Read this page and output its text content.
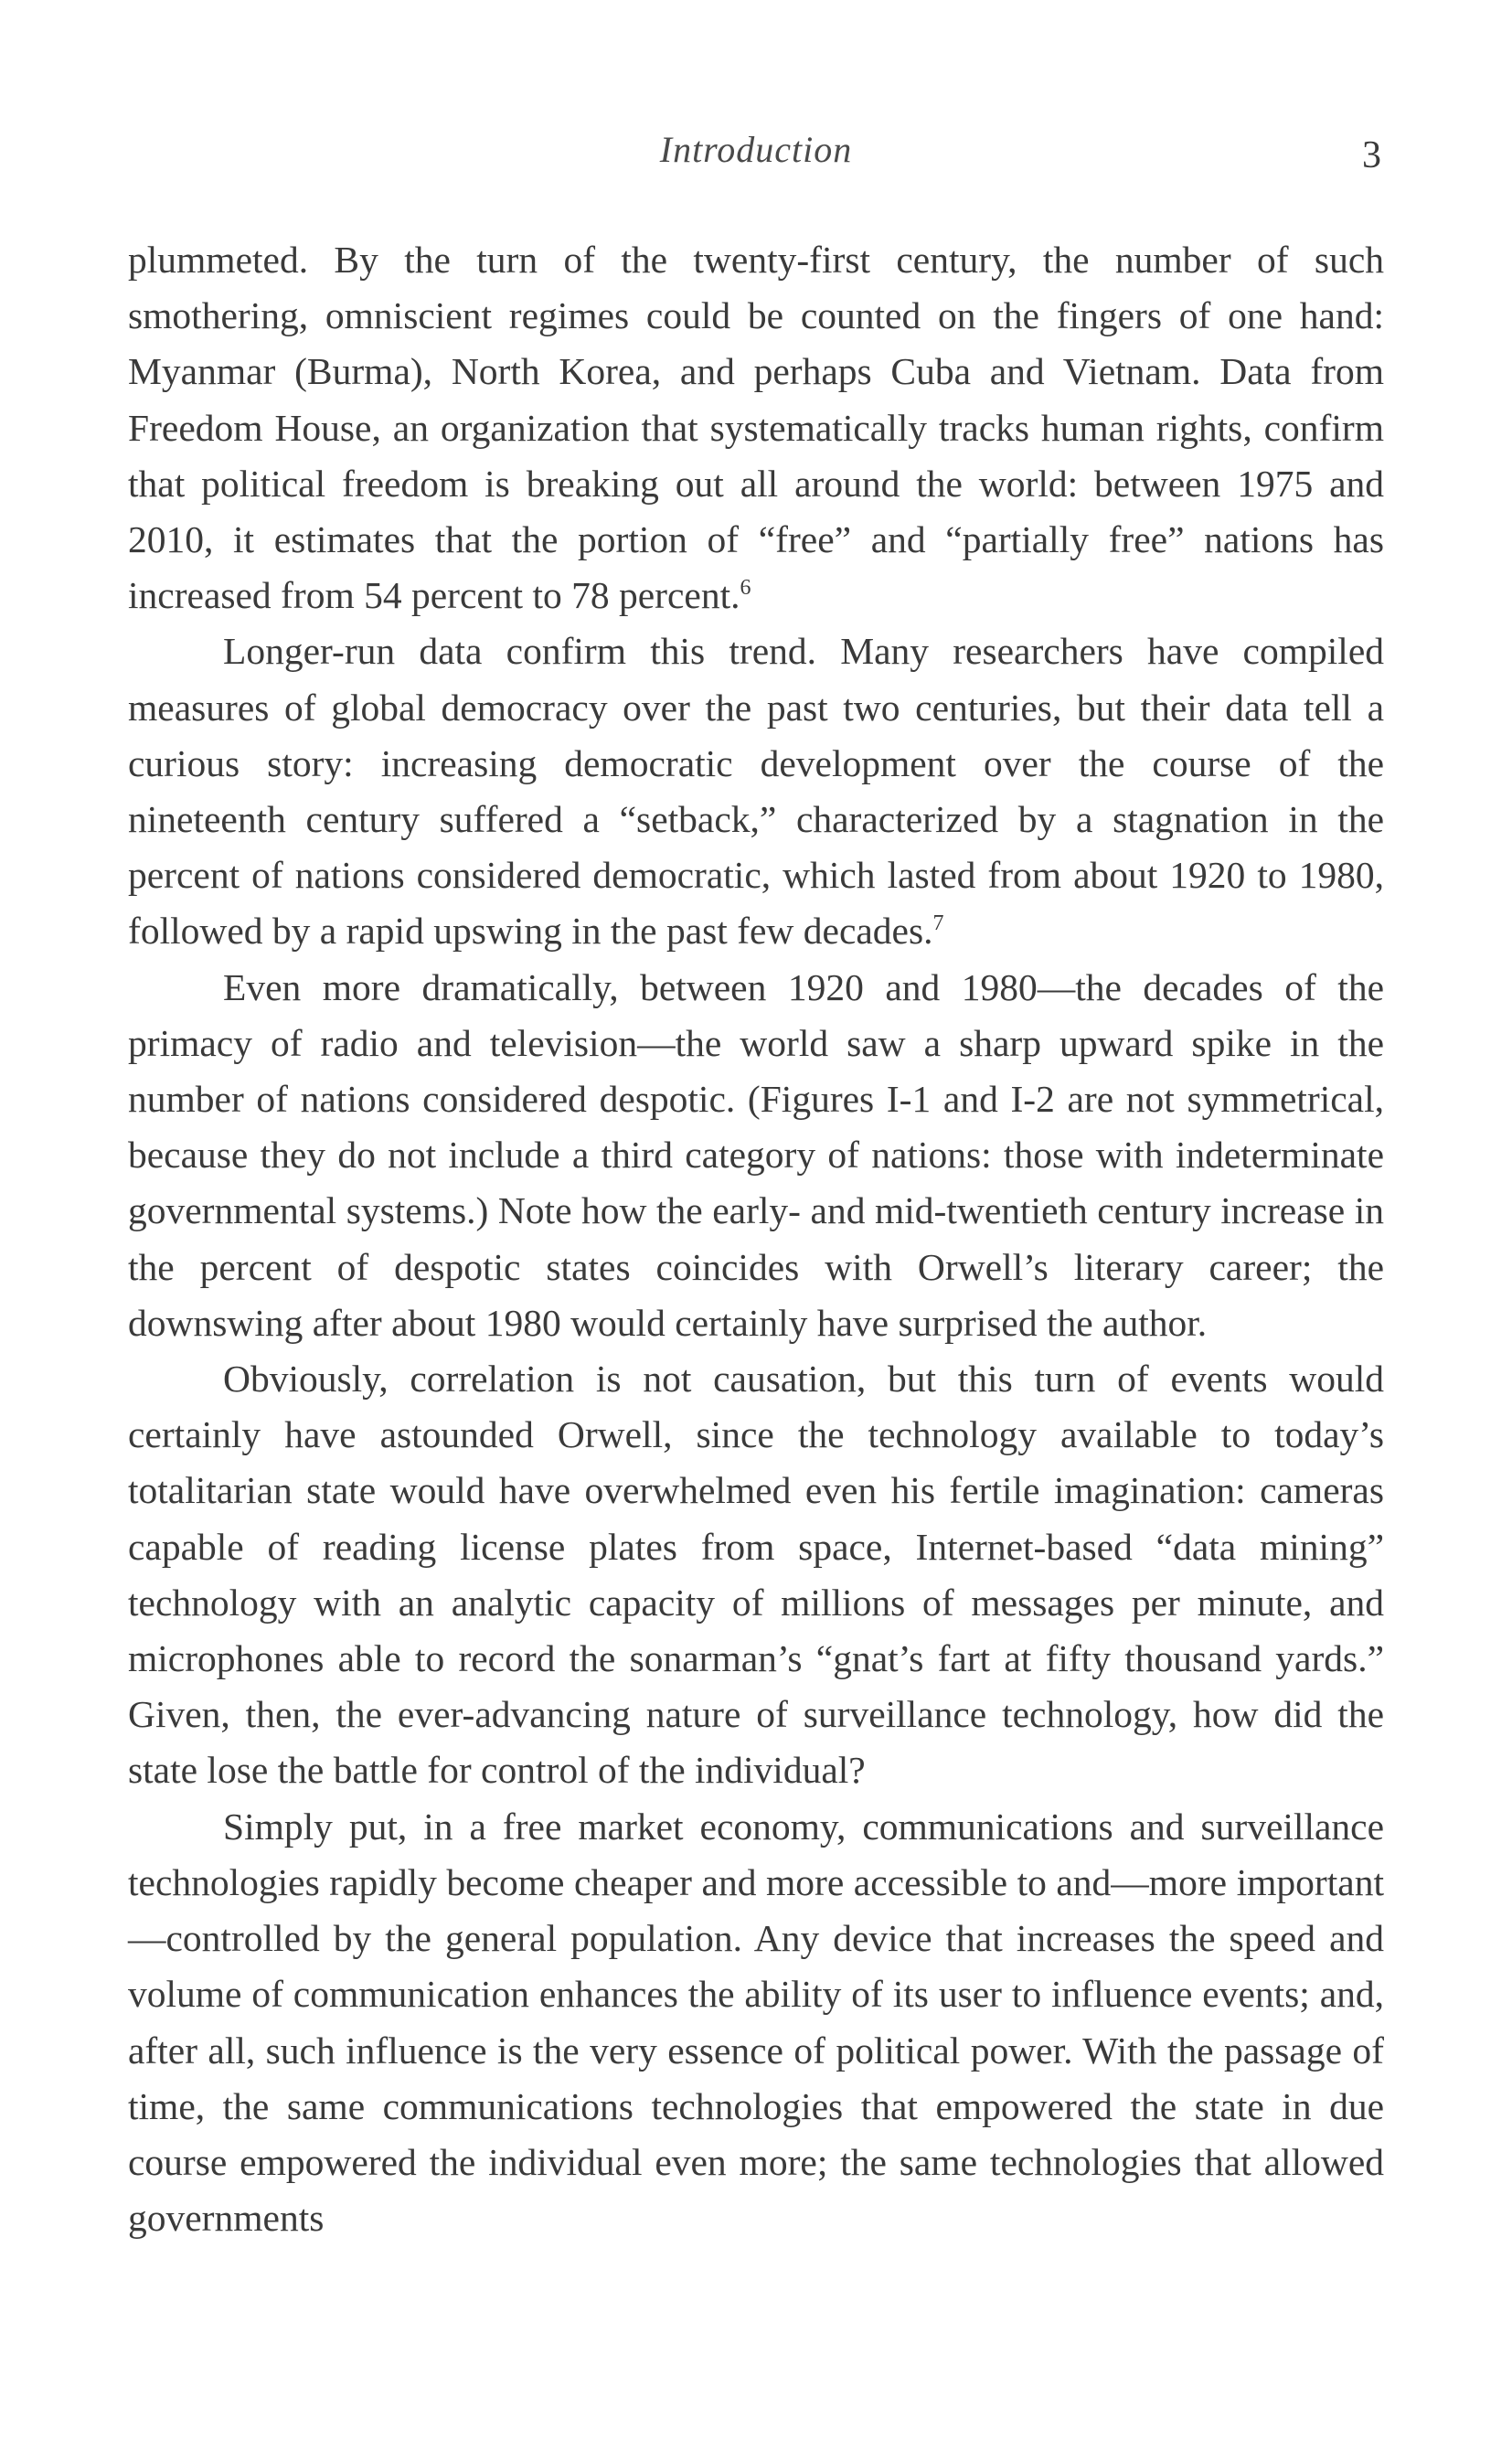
Introduction	3

plummeted. By the turn of the twenty-first century, the number of such smothering, omniscient regimes could be counted on the fingers of one hand: Myanmar (Burma), North Korea, and perhaps Cuba and Vietnam. Data from Freedom House, an organization that systematically tracks human rights, confirm that political freedom is breaking out all around the world: between 1975 and 2010, it estimates that the portion of “free” and “partially free” nations has increased from 54 percent to 78 percent.$^6$

Longer-run data confirm this trend. Many researchers have compiled measures of global democracy over the past two centuries, but their data tell a curious story: increasing democratic development over the course of the nineteenth century suffered a “setback,” characterized by a stagnation in the percent of nations considered democratic, which lasted from about 1920 to 1980, followed by a rapid upswing in the past few decades.$^7$

Even more dramatically, between 1920 and 1980—the decades of the primacy of radio and television—the world saw a sharp upward spike in the number of nations considered despotic. (Figures I-1 and I-2 are not symmetrical, because they do not include a third category of nations: those with indeterminate governmental systems.) Note how the early- and mid-twentieth century increase in the percent of despotic states coincides with Orwell’s literary career; the downswing after about 1980 would certainly have surprised the author.

Obviously, correlation is not causation, but this turn of events would certainly have astounded Orwell, since the technology available to today’s totalitarian state would have overwhelmed even his fertile imagination: cameras capable of reading license plates from space, Internet-based “data mining” technology with an analytic capacity of millions of messages per minute, and microphones able to record the sonarman’s “gnat’s fart at fifty thousand yards.” Given, then, the ever-advancing nature of surveillance technology, how did the state lose the battle for control of the individual?

Simply put, in a free market economy, communications and surveillance technologies rapidly become cheaper and more accessible to and—more important—controlled by the general population. Any device that increases the speed and volume of communication enhances the ability of its user to influence events; and, after all, such influence is the very essence of political power. With the passage of time, the same communications technologies that empowered the state in due course empowered the individual even more; the same technologies that allowed governments
